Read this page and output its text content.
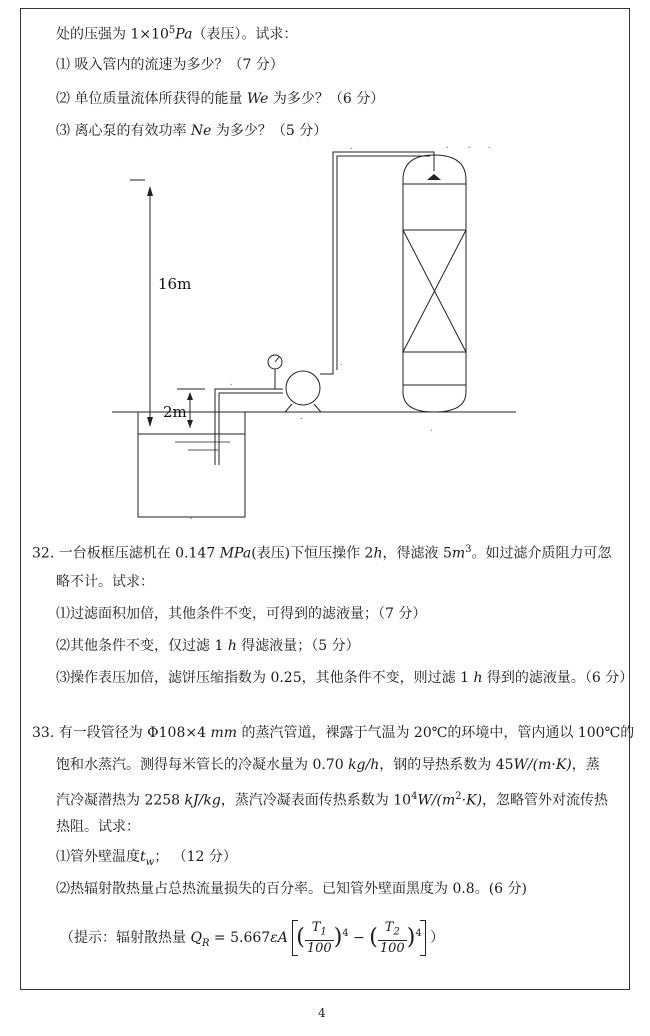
处的压强为 $1\times 10^5Pa$（表压）。试求：
⑴ 吸入管内的流速为多少？（7 分）
⑵ 单位质量流体所获得的能量 We 为多少？（6 分）
⑶ 离心泵的有效功率 Ne 为多少？（5 分）
•	•	•	•
•
•
•
•
•
16m
2m
32. 一台板框压滤机在 0.147 MPa(表压)下恒压操作 2h，得滤液 $5m^3$。如过滤介质阻力可忽
略不计。试求：
⑴过滤面积加倍，其他条件不变，可得到的滤液量；（7 分）
⑵其他条件不变，仅过滤 1 h 得滤液量；（5 分）
⑶操作表压加倍，滤饼压缩指数为 0.25，其他条件不变，则过滤 1 h 得到的滤液量。（6 分）
33. 有一段管径为 Φ108×4 mm 的蒸汽管道，裸露于气温为 20℃的环境中，管内通以 100℃的
饱和水蒸汽。测得每米管长的冷凝水量为 0.70 kg/h，钢的导热系数为 45W/(m·K)，蒸
汽冷凝潜热为 2258 kJ/kg，蒸汽冷凝表面传热系数为 $10^4W/(m^2\cdot K)$，忽略管外对流传热
热阻。试求：
⑴管外壁温度$t_w$； （12 分）
⑵热辐射散热量占总热流量损失的百分率。已知管外壁面黑度为 0.8。(6 分)
（提示：辐射散热量 $Q_R = 5.667\varepsilon A$ ( $\frac{T_1}{100} )^4$ − ( $\frac{T_2}{100} )^4$ ）
4
